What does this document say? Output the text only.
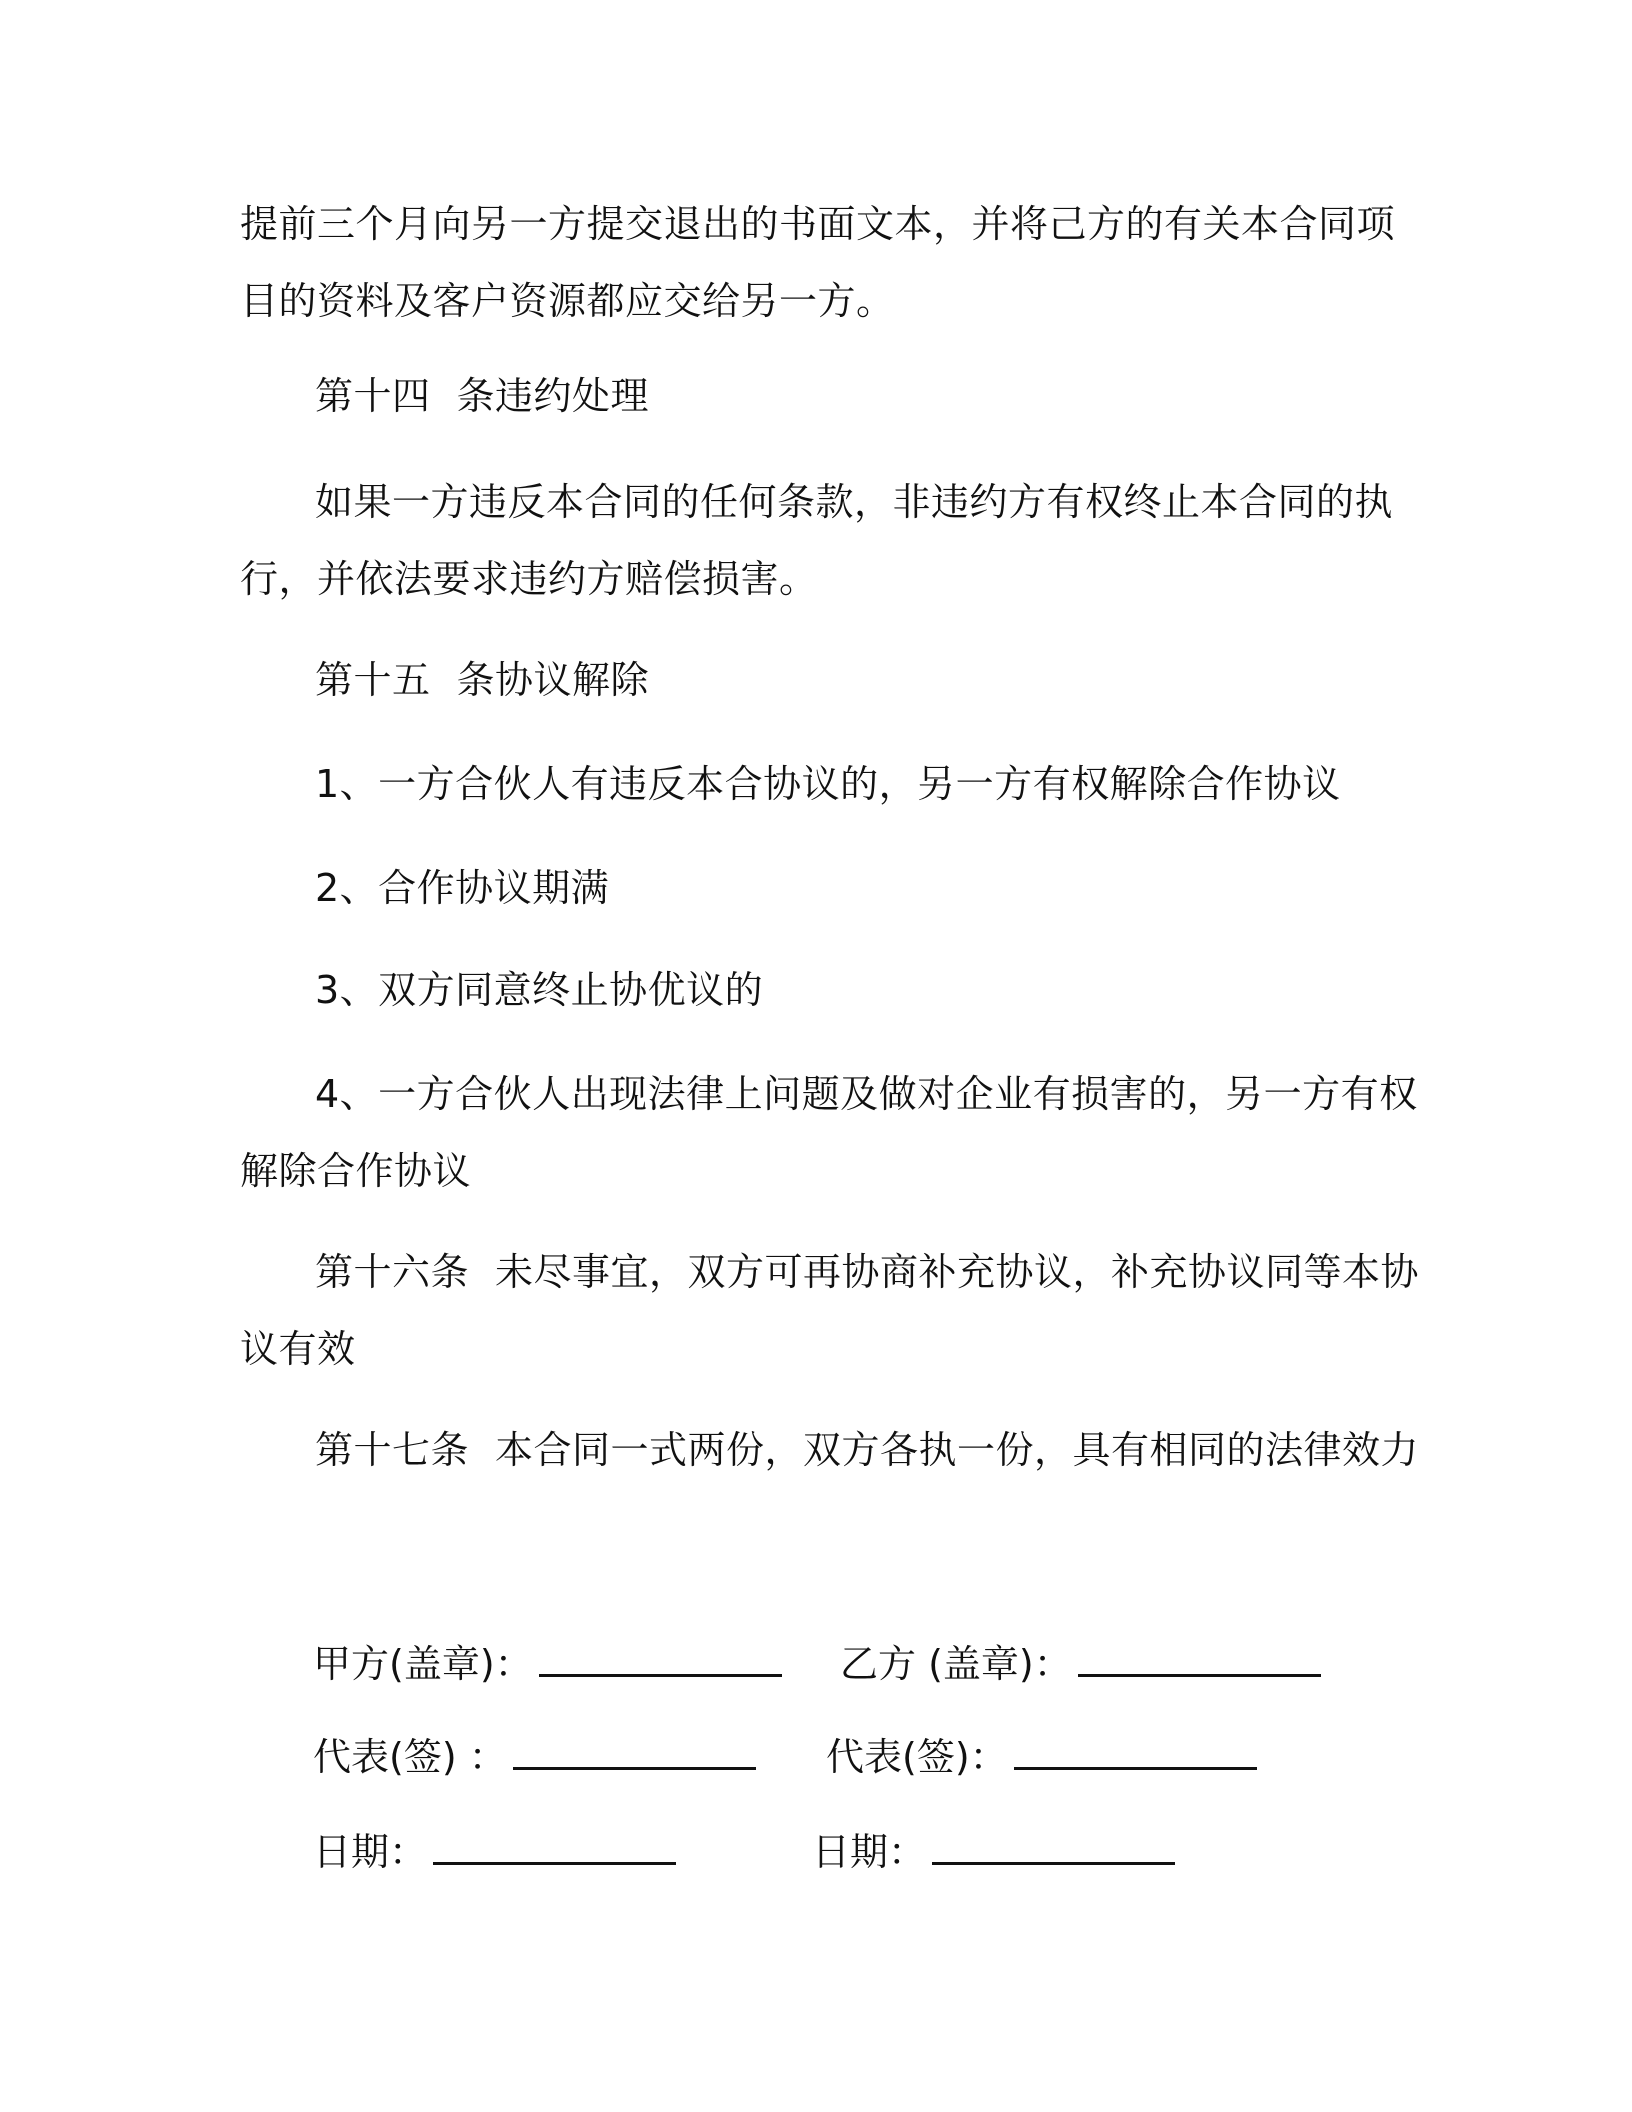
提前三个月向另一方提交退出的书面文本，并将己方的有关本合同项
目的资料及客户资源都应交给另一方。
第十四 条违约处理
如果一方违反本合同的任何条款，非违约方有权终止本合同的执
行，并依法要求违约方赔偿损害。
第十五 条协议解除
1、一方合伙人有违反本合协议的，另一方有权解除合作协议
2、合作协议期满
3、双方同意终止协优议的
4、一方合伙人出现法律上问题及做对企业有损害的，另一方有权
解除合作协议
第十六条 未尽事宜，双方可再协商补充协议，补充协议同等本协
议有效
第十七条 本合同一式两份，双方各执一份，具有相同的法律效力
甲方(盖章)：	乙方 (盖章)：
代表(签) ：	代表(签)：
日期：	日期：
